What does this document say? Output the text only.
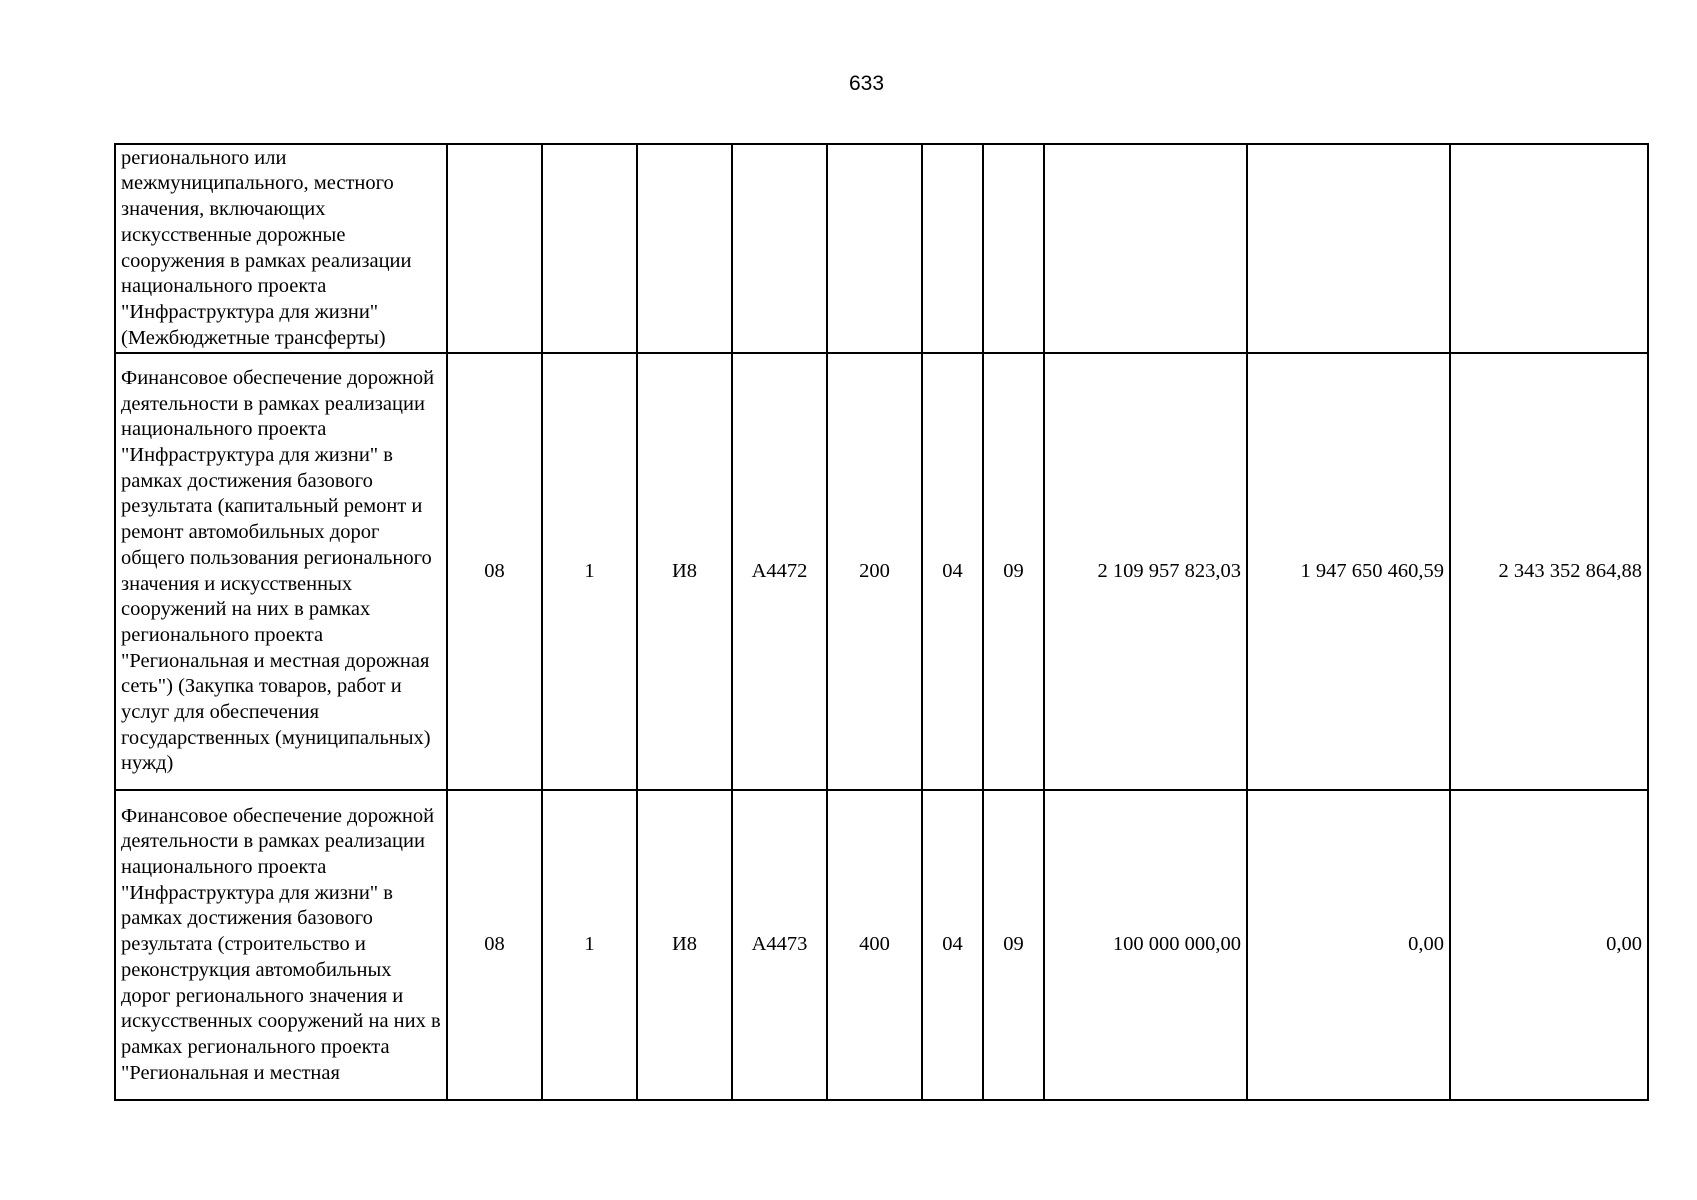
633
регионального или межмуниципального, местного значения, включающих искусственные дорожные сооружения в рамках реализации национального проекта "Инфраструктура для жизни" (Межбюджетные трансферты)										
Финансовое обеспечение дорожной деятельности в рамках реализации национального проекта "Инфраструктура для жизни" в рамках достижения базового результата (капитальный ремонт и ремонт автомобильных дорог общего пользования регионального значения и искусственных сооружений на них в рамках регионального проекта "Региональная и местная дорожная сеть") (Закупка товаров, работ и услуг для обеспечения государственных (муниципальных) нужд)	08	1	И8	А4472	200	04	09	2 109 957 823,03	1 947 650 460,59	2 343 352 864,88
Финансовое обеспечение дорожной деятельности в рамках реализации национального проекта "Инфраструктура для жизни" в рамках достижения базового результата (строительство и реконструкция автомобильных дорог регионального значения и искусственных сооружений на них в рамках регионального проекта "Региональная и местная	08	1	И8	А4473	400	04	09	100 000 000,00	0,00	0,00
